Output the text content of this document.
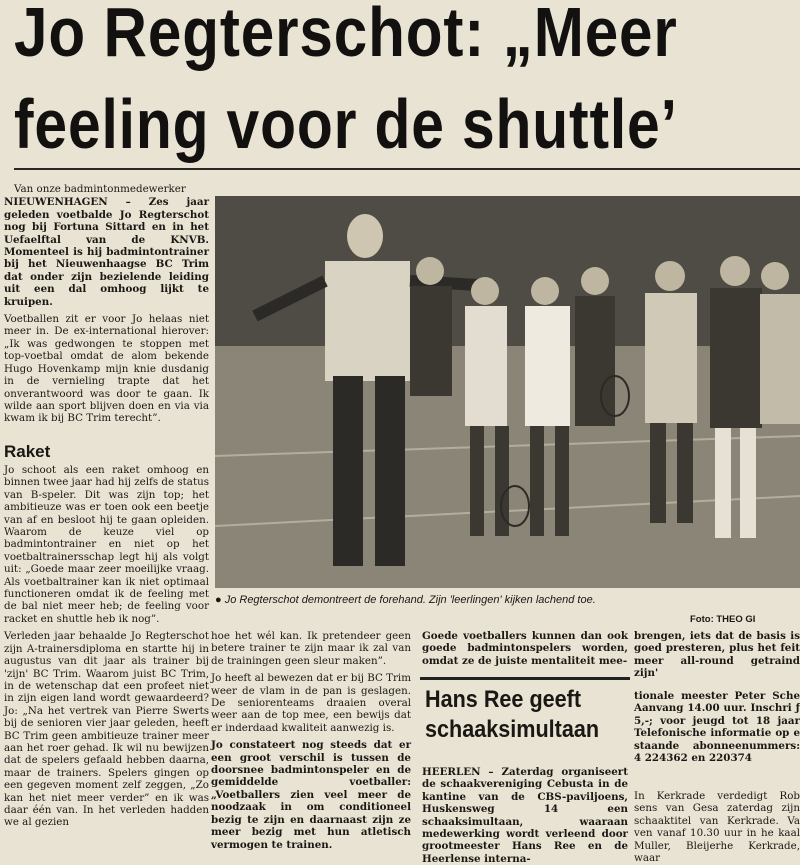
Jo Regterschot: „Meer
feeling voor de shuttle’

Van onze badmintonmedewerker

NIEUWENHAGEN – Zes jaar geleden voetbalde Jo Regterschot nog bij Fortuna Sittard en in het Uefaelftal van de KNVB. Momenteel is hij badmintontrainer bij het Nieuwenhaagse BC Trim dat onder zijn bezielende leiding uit een dal omhoog lijkt te kruipen.

Voetballen zit er voor Jo helaas niet meer in. De ex-international hierover: „Ik was gedwongen te stoppen met top-voetbal omdat de alom bekende Hugo Hovenkamp mijn knie dusdanig in de vernieling trapte dat het onverantwoord was door te gaan. Ik wilde aan sport blijven doen en via via kwam ik bij BC Trim terecht”.

Raket

Jo schoot als een raket omhoog en binnen twee jaar had hij zelfs de status van B-speler. Dit was zijn top; het ambitieuze was er toen ook een beetje van af en besloot hij te gaan opleiden. Waarom de keuze viel op badmintontrainer en niet op het voetbaltrainersschap legt hij als volgt uit: „Goede maar zeer moeilijke vraag. Als voetbaltrainer kan ik niet optimaal functioneren omdat ik de feeling met de bal niet meer heb; de feeling voor racket en shuttle heb ik nog”.

Verleden jaar behaalde Jo Regterschot zijn A-trainersdiploma en startte hij in augustus van dit jaar als trainer bij 'zijn' BC Trim. Waarom juist BC Trim, in de wetenschap dat een profeet niet in zijn eigen land wordt gewaardeerd? Jo: „Na het vertrek van Pierre Swerts bij de senioren vier jaar geleden, heeft BC Trim geen ambitieuze trainer meer aan het roer gehad. Ik wil nu bewijzen dat de spelers gefaald hebben daarna, maar de trainers. Spelers gingen op een gegeven moment zelf zeggen, „Zo kan het niet meer verder” en ik was daar één van. In het verleden hadden we al gezien

● Jo Regterschot demontreert de forehand. Zijn 'leerlingen' kijken lachend toe.
Foto: THEO GI

hoe het wél kan. Ik pretendeer geen betere trainer te zijn maar ik zal van de trainingen geen sleur maken”.

Jo heeft al bewezen dat er bij BC Trim weer de vlam in de pan is geslagen. De seniorenteams draaien overal weer aan de top mee, een bewijs dat er inderdaad kwaliteit aanwezig is.

Jo constateert nog steeds dat er een groot verschil is tussen de doorsnee badmintonspeler en de gemiddelde voetballer: „Voetballers zien veel meer de noodzaak in om conditioneel bezig te zijn en daarnaast zijn ze meer bezig met hun atletisch vermogen te trainen.

Goede voetballers kunnen dan ook goede badmintonspelers worden, omdat ze de juiste mentaliteit mee-
Hans Ree geeft
schaaksimultaan
HEERLEN – Zaterdag organiseert de schaakvereniging Cebusta in de kantine van de CBS-paviljoens, Huskensweg 14 een schaaksimultaan, waaraan medewerking wordt verleend door grootmeester Hans Ree en de Heerlense interna-
brengen, iets dat de basis is goed presteren, plus het feit meer all-round getraind zijn'
tionale meester Peter Sche Aanvang 14.00 uur. Inschri ƒ 5,-; voor jeugd tot 18 jaar Telefonische informatie op e staande abonneenummers: 4 224362 en 220374
In Kerkrade verdedigt Rob sens van Gesa zaterdag zijn schaaktitel van Kerkrade. Va ven vanaf 10.30 uur in he kaal Muller, Bleijerhe Kerkrade, waar
